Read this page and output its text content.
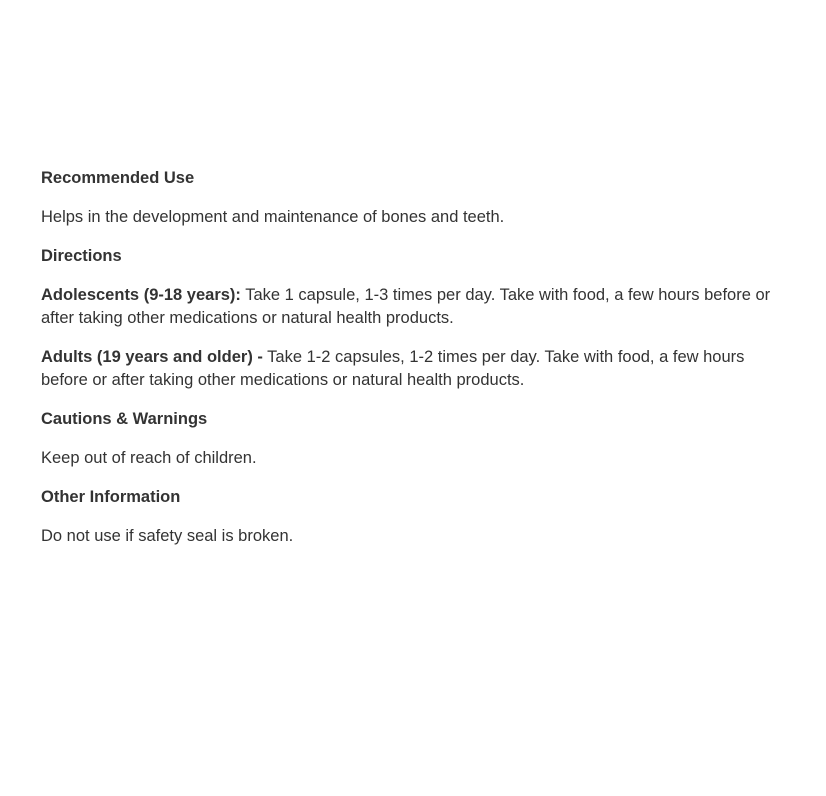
Recommended Use

Helps in the development and maintenance of bones and teeth.

Directions

Adolescents (9-18 years): Take 1 capsule, 1-3 times per day. Take with food, a few hours before or after taking other medications or natural health products.

Adults (19 years and older) - Take 1-2 capsules, 1-2 times per day. Take with food, a few hours before or after taking other medications or natural health products.

Cautions & Warnings

Keep out of reach of children.

Other Information

Do not use if safety seal is broken.
